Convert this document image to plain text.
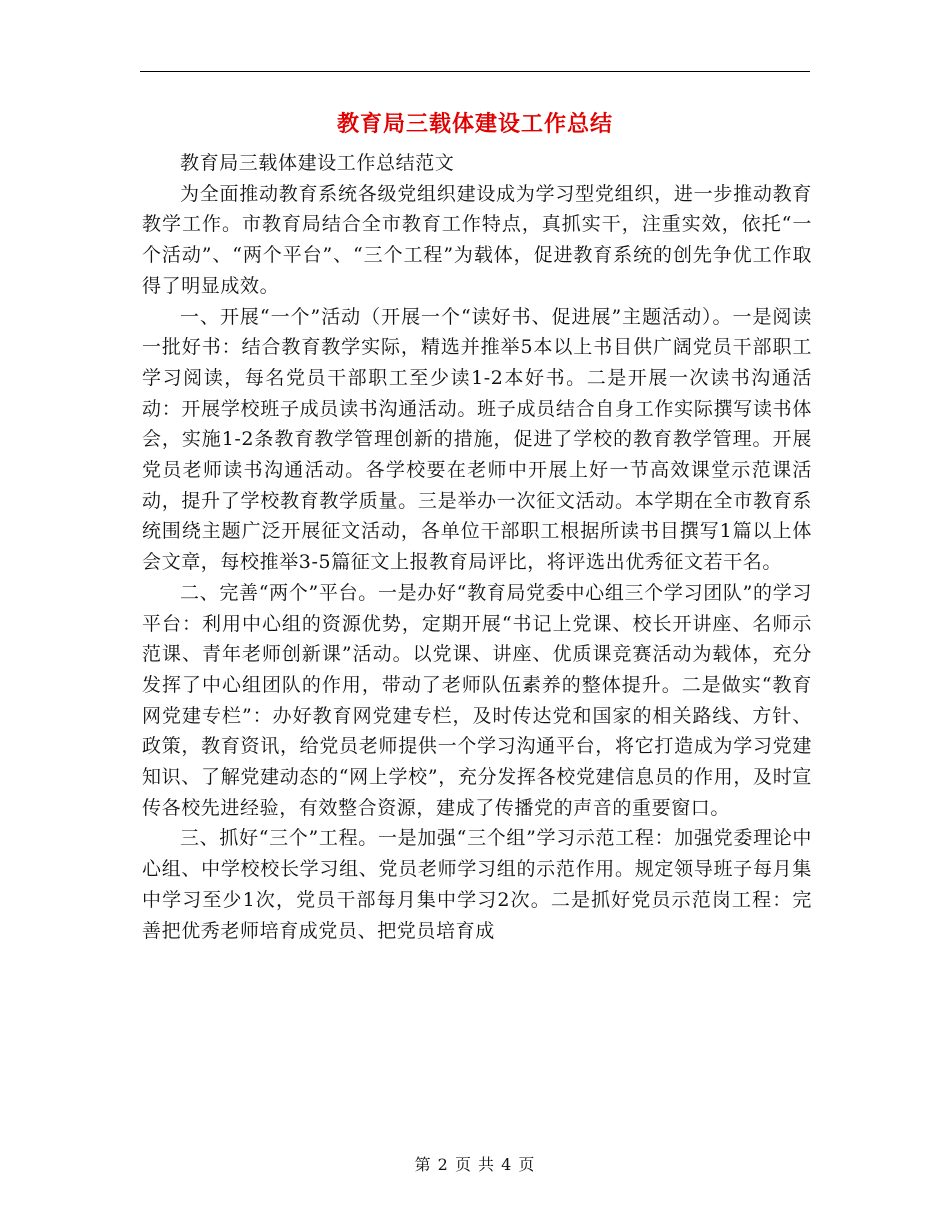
教育局三载体建设工作总结

教育局三载体建设工作总结范文

为全面推动教育系统各级党组织建设成为学习型党组织，进一步推动教育教学工作。市教育局结合全市教育工作特点，真抓实干，注重实效，依托“一个活动”、“两个平台”、“三个工程”为载体，促进教育系统的创先争优工作取得了明显成效。

一、开展“一个”活动（开展一个“读好书、促进展”主题活动）。一是阅读一批好书：结合教育教学实际，精选并推举5本以上书目供广阔党员干部职工学习阅读，每名党员干部职工至少读1-2本好书。二是开展一次读书沟通活动：开展学校班子成员读书沟通活动。班子成员结合自身工作实际撰写读书体会，实施1-2条教育教学管理创新的措施，促进了学校的教育教学管理。开展党员老师读书沟通活动。各学校要在老师中开展上好一节高效课堂示范课活动，提升了学校教育教学质量。三是举办一次征文活动。本学期在全市教育系统围绕主题广泛开展征文活动，各单位干部职工根据所读书目撰写1篇以上体会文章，每校推举3-5篇征文上报教育局评比，将评选出优秀征文若干名。

二、完善“两个”平台。一是办好“教育局党委中心组三个学习团队”的学习平台：利用中心组的资源优势，定期开展“书记上党课、校长开讲座、名师示范课、青年老师创新课”活动。以党课、讲座、优质课竞赛活动为载体，充分发挥了中心组团队的作用，带动了老师队伍素养的整体提升。二是做实“教育网党建专栏”：办好教育网党建专栏，及时传达党和国家的相关路线、方针、政策，教育资讯，给党员老师提供一个学习沟通平台，将它打造成为学习党建知识、了解党建动态的“网上学校”，充分发挥各校党建信息员的作用，及时宣传各校先进经验，有效整合资源，建成了传播党的声音的重要窗口。

三、抓好“三个”工程。一是加强“三个组”学习示范工程：加强党委理论中心组、中学校校长学习组、党员老师学习组的示范作用。规定领导班子每月集中学习至少1次，党员干部每月集中学习2次。二是抓好党员示范岗工程：完善把优秀老师培育成党员、把党员培育成

第 2 页 共 4 页
